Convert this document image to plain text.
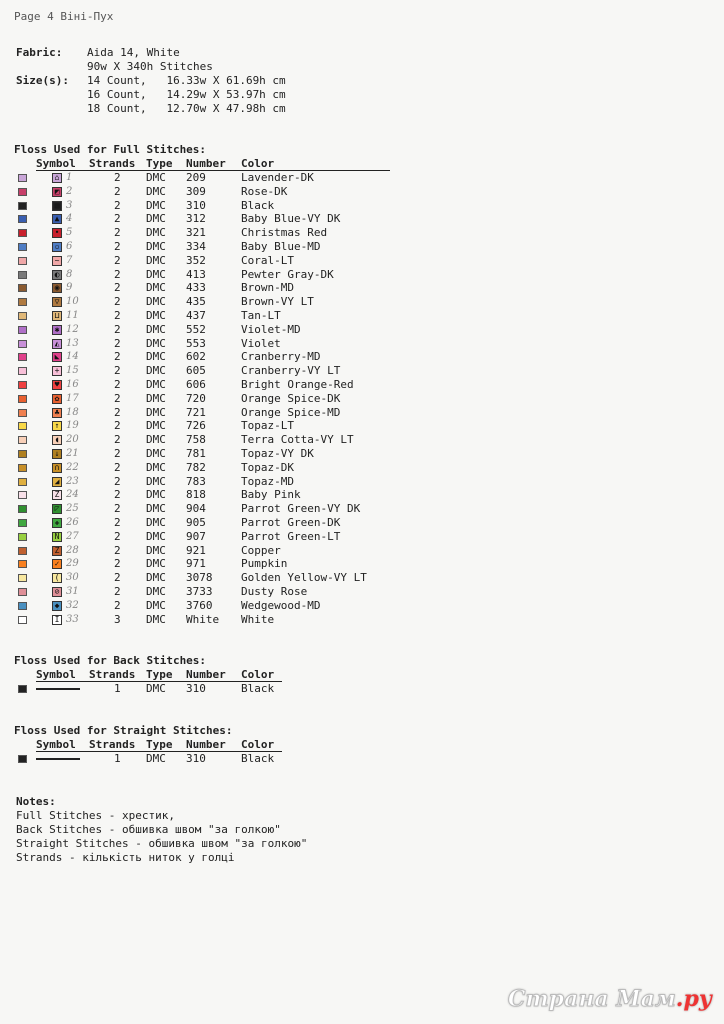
Page 4 Вінi-Пух
Fabric: Aida 14, White
90w X 340h Stitches
Size(s): 14 Count,   16.33w X 61.69h cm
16 Count,   14.29w X 53.97h cm
18 Count,   12.70w X 47.98h cm
Floss Used for Full Stitches:
Symbol Strands Type Number Color
⌂ 1	2 DMC 209	Lavender-DK
◩ 2	2 DMC 309	Rose-DK
▧ 3	2 DMC 310	Black
▲ 4	2 DMC 312	Baby Blue-VY DK
• 5	2 DMC 321	Christmas Red
▫ 6	2 DMC 334	Baby Blue-MD
~ 7	2 DMC 352	Coral-LT
◐ 8	2 DMC 413	Pewter Gray-DK
◉ 9	2 DMC 433	Brown-MD
▽ 10	2 DMC 435	Brown-VY LT
⊔ 11	2 DMC 437	Tan-LT
✱ 12	2 DMC 552	Violet-MD
◭ 13	2 DMC 553	Violet
◣ 14	2 DMC 602	Cranberry-MD
+ 15	2 DMC 605	Cranberry-VY LT
♥ 16	2 DMC 606	Bright Orange-Red
✿ 17	2 DMC 720	Orange Spice-DK
♣ 18	2 DMC 721	Orange Spice-MD
↑ 19	2 DMC 726	Topaz-LT
◖ 20	2 DMC 758	Terra Cotta-VY LT
↓ 21	2 DMC 781	Topaz-VY DK
∩ 22	2 DMC 782	Topaz-DK
◢ 23	2 DMC 783	Topaz-MD
Z 24	2 DMC 818	Baby Pink
◸ 25	2 DMC 904	Parrot Green-VY DK
✚ 26	2 DMC 905	Parrot Green-DK
N 27	2 DMC 907	Parrot Green-LT
Z 28	2 DMC 921	Copper
✓ 29	2 DMC 971	Pumpkin
( 30	2 DMC 3078	Golden Yellow-VY LT
⊘ 31	2 DMC 3733	Dusty Rose
◆ 32	2 DMC 3760	Wedgewood-MD
I 33	3 DMC White White
Floss Used for Back Stitches:
Symbol Strands Type Number Color
1 DMC 310	Black
Floss Used for Straight Stitches:
Symbol Strands Type Number Color
1 DMC 310	Black
Notes:
Full Stitches - хрестик,
Back Stitches - обшивка швом "за голкою"
Straight Stitches - обшивка швом "за голкою"
Strands - кількість ниток у голці
Страна Мам.ру
